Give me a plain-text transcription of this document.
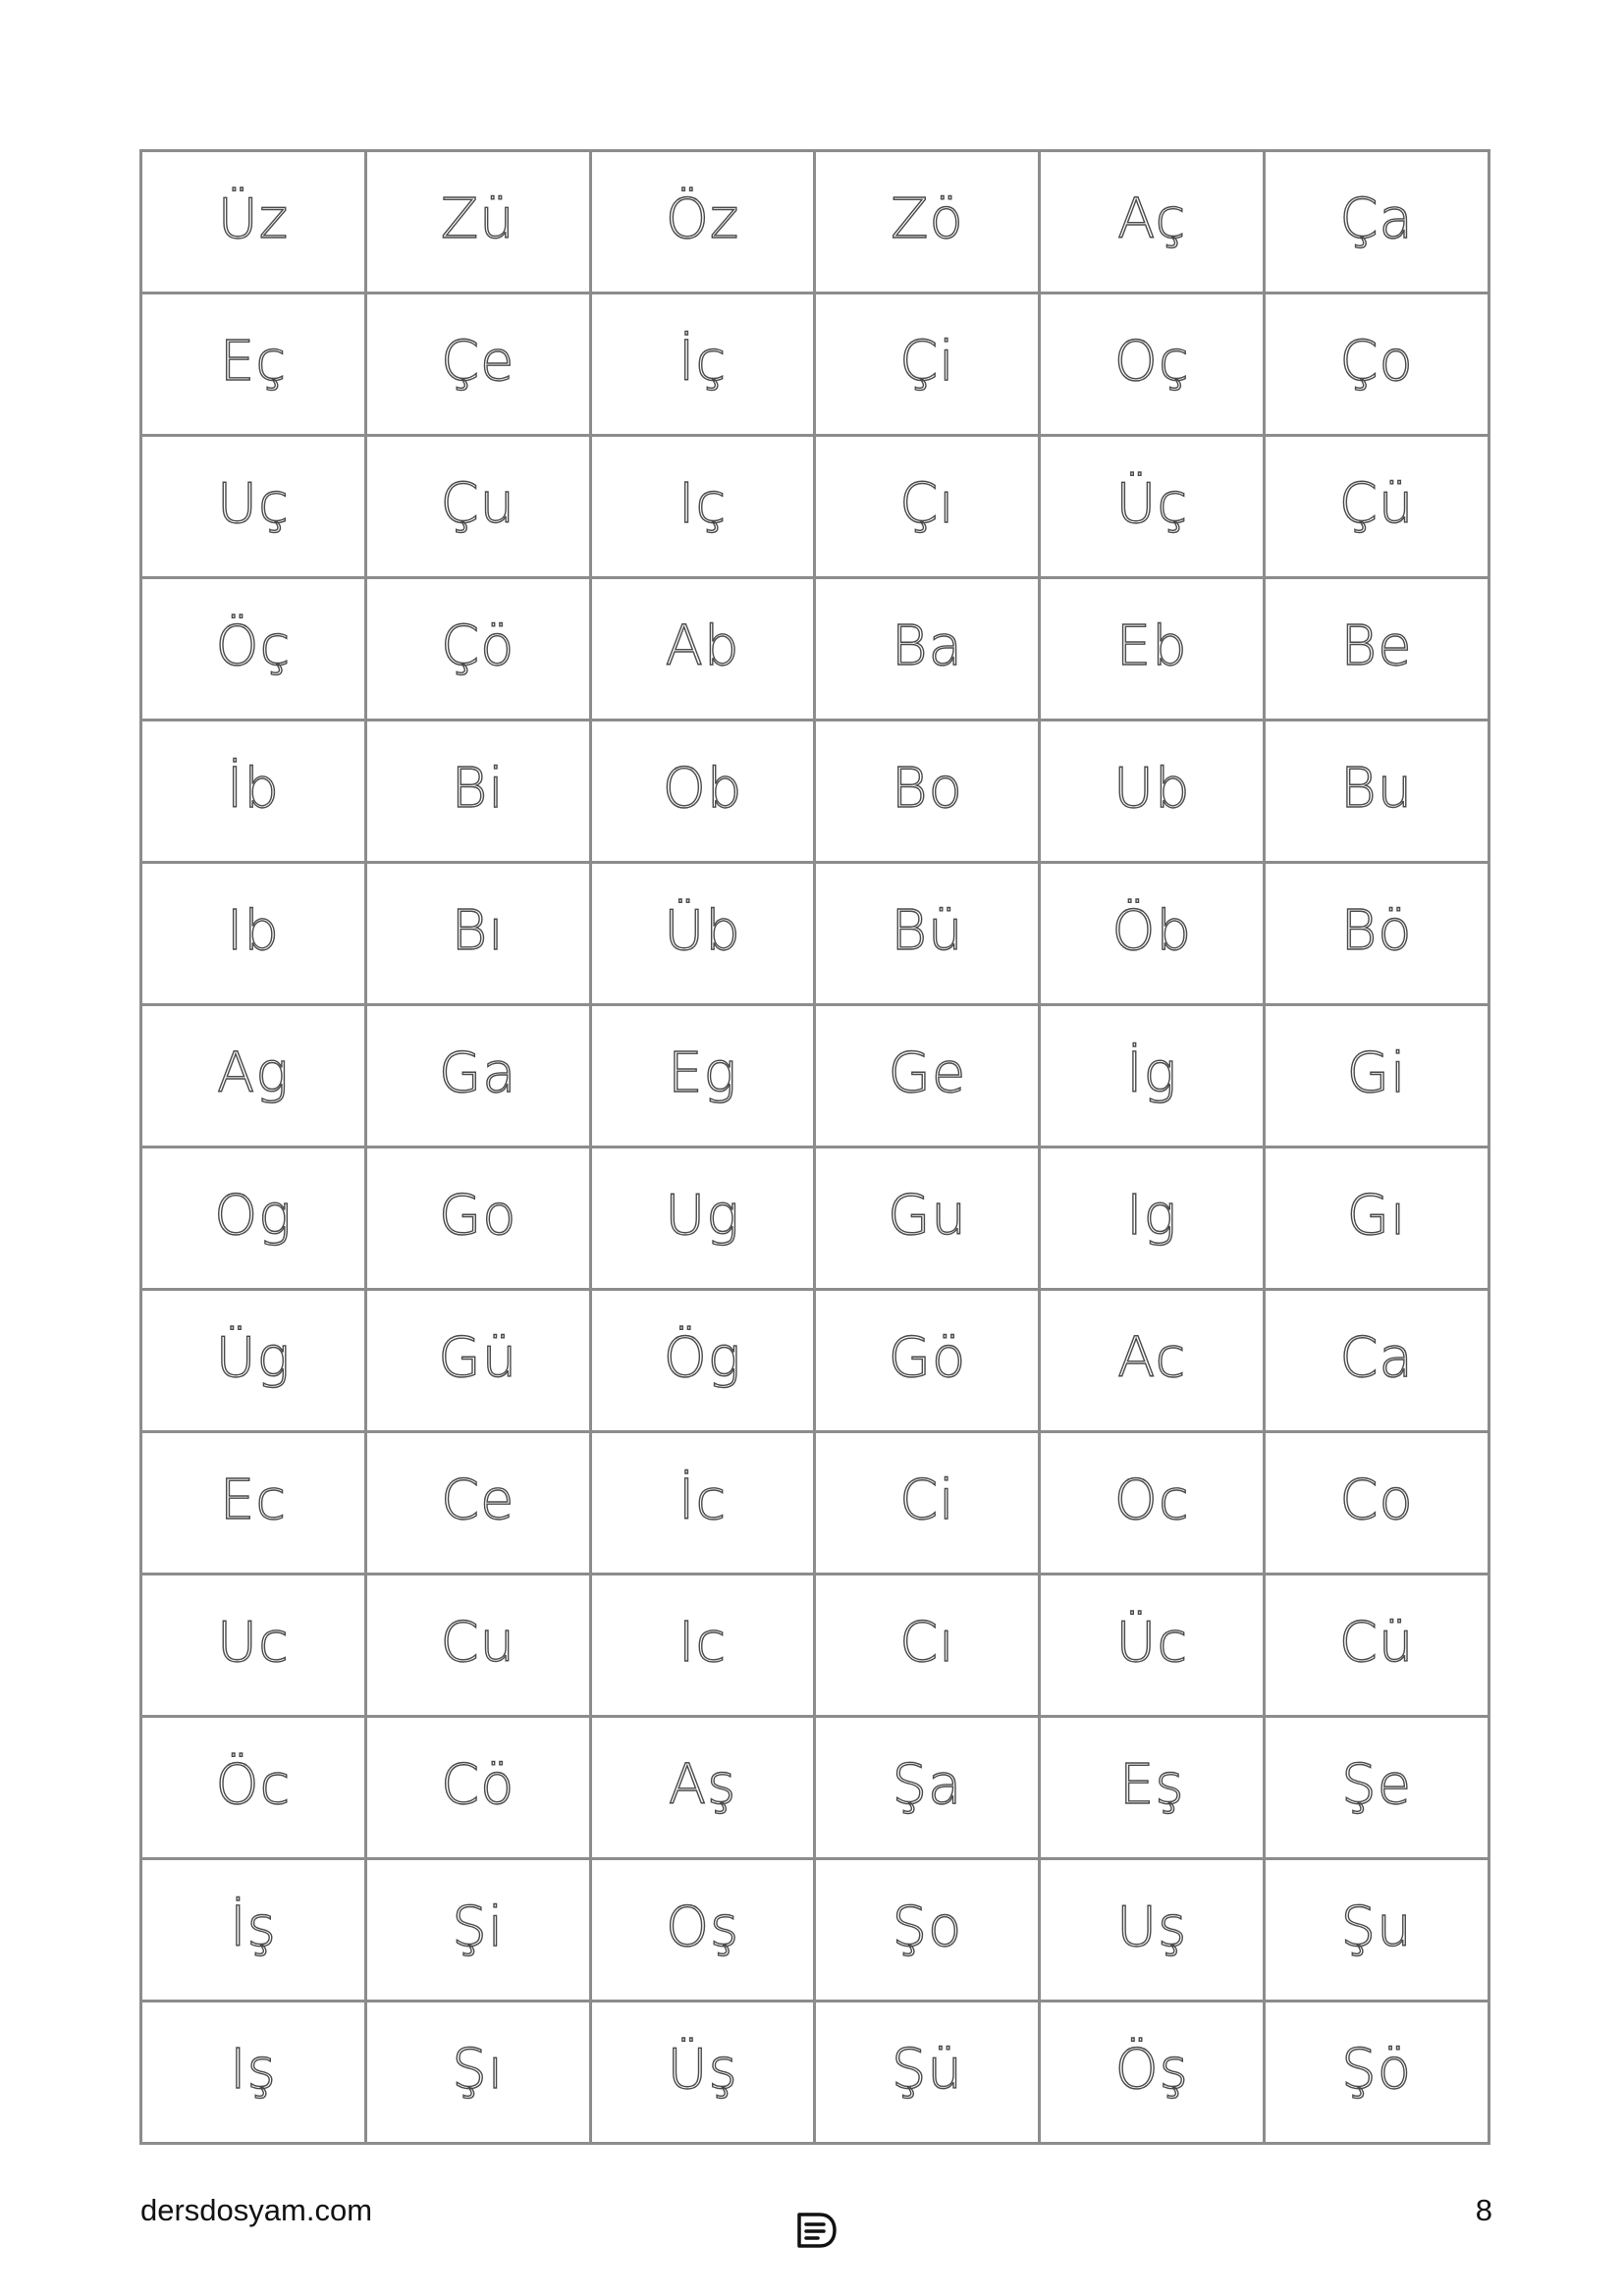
Üz	Zü	Öz	Zö	Aç	Ça
Eç	Çe	İç	Çi	Oç	Ço
Uç	Çu	Iç	Çı	Üç	Çü
Öç	Çö	Ab	Ba	Eb	Be
İb	Bi	Ob	Bo	Ub	Bu
Ib	Bı	Üb	Bü	Öb	Bö
Ag	Ga	Eg	Ge	İg	Gi
Og	Go	Ug	Gu	Ig	Gı
Üg	Gü	Ög	Gö	Ac	Ca
Ec	Ce	İc	Ci	Oc	Co
Uc	Cu	Ic	Cı	Üc	Cü
Öc	Cö	Aş	Şa	Eş	Şe
İş	Şi	Oş	Şo	Uş	Şu
Iş	Şı	Üş	Şü	Öş	Şö
dersdosyam.com	8
